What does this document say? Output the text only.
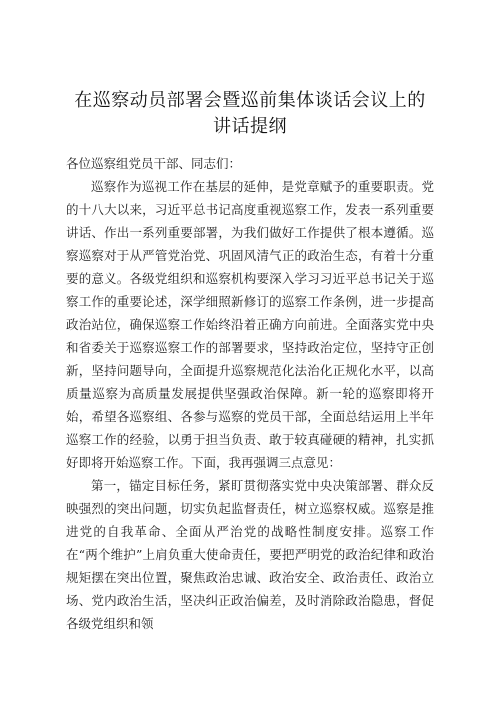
在巡察动员部署会暨巡前集体谈话会议上的讲话提纲

各位巡察组党员干部、同志们：

巡察作为巡视工作在基层的延伸，是党章赋予的重要职责。党的十八大以来，习近平总书记高度重视巡察工作，发表一系列重要讲话、作出一系列重要部署，为我们做好工作提供了根本遵循。巡察巡察对于从严管党治党、巩固风清气正的政治生态，有着十分重要的意义。各级党组织和巡察机构要深入学习习近平总书记关于巡察工作的重要论述，深学细照新修订的巡察工作条例，进一步提高政治站位，确保巡察工作始终沿着正确方向前进。全面落实党中央和省委关于巡察巡察工作的部署要求，坚持政治定位，坚持守正创新，坚持问题导向，全面提升巡察规范化法治化正规化水平，以高质量巡察为高质量发展提供坚强政治保障。新一轮的巡察即将开始，希望各巡察组、各参与巡察的党员干部，全面总结运用上半年巡察工作的经验，以勇于担当负责、敢于较真碰硬的精神，扎实抓好即将开始巡察工作。下面，我再强调三点意见：

第一，锚定目标任务，紧盯贯彻落实党中央决策部署、群众反映强烈的突出问题，切实负起监督责任，树立巡察权威。巡察是推进党的自我革命、全面从严治党的战略性制度安排。巡察工作在“两个维护”上肩负重大使命责任，要把严明党的政治纪律和政治规矩摆在突出位置，聚焦政治忠诚、政治安全、政治责任、政治立场、党内政治生活，坚决纠正政治偏差，及时消除政治隐患，督促各级党组织和领
